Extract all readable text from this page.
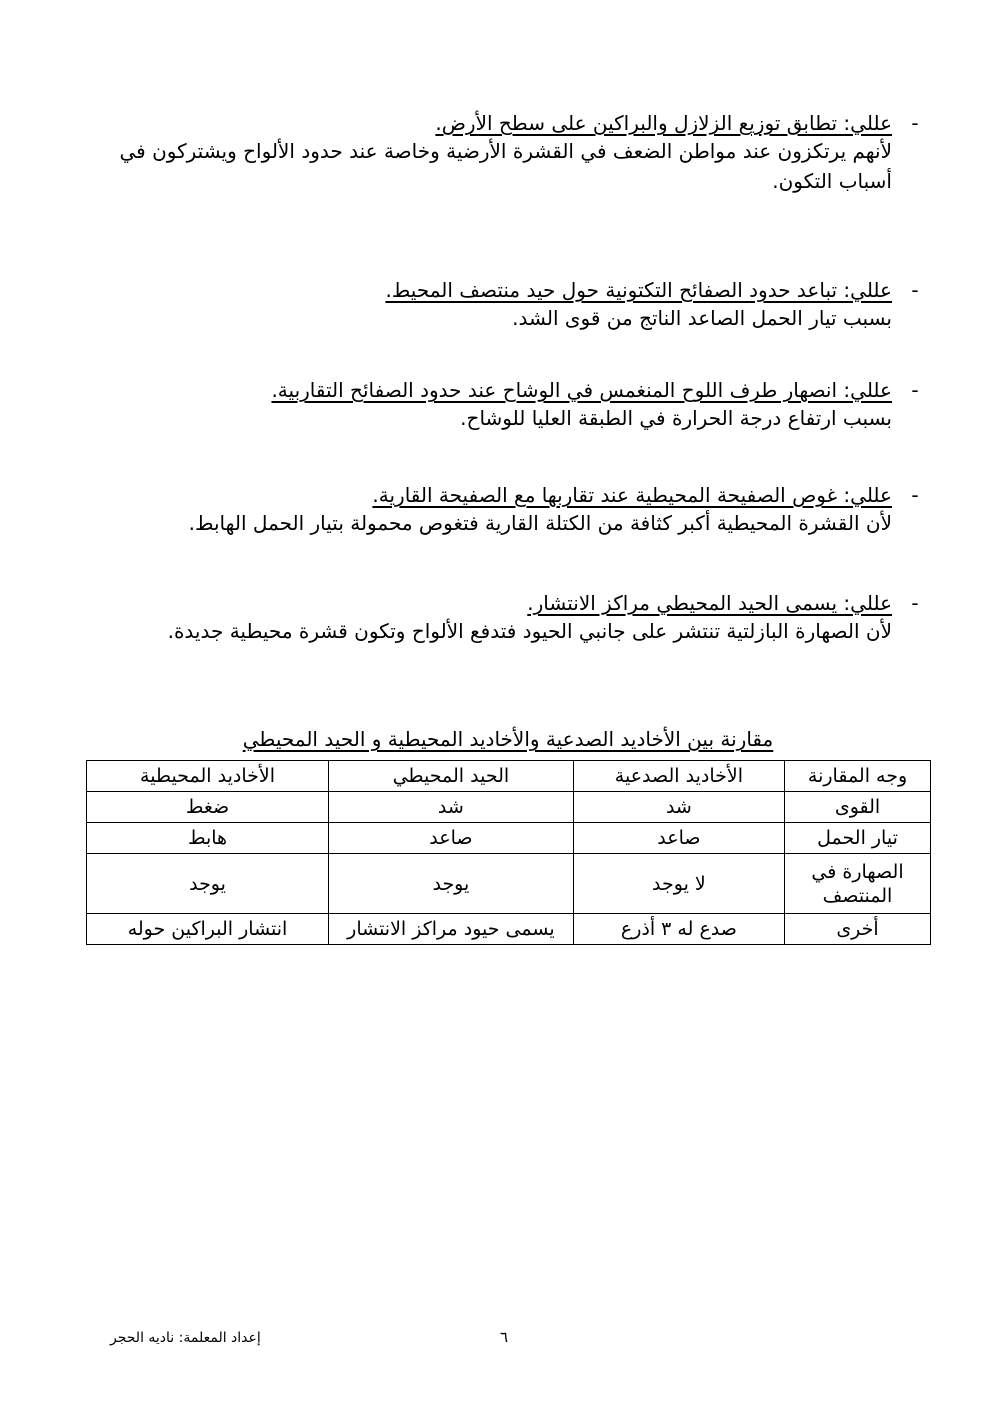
-
عللي: تطابق توزيع الزلازل والبراكين على سطح الأرض.
لأنهم يرتكزون عند مواطن الضعف في القشرة الأرضية وخاصة عند حدود الألواح ويشتركون في أسباب التكون.
-
عللي: تباعد حدود الصفائح التكتونية حول حيد منتصف المحيط.
بسبب تيار الحمل الصاعد الناتج من قوى الشد.
-
عللي: انصهار طرف اللوح المنغمس في الوشاح عند حدود الصفائح التقاربية.
بسبب ارتفاع درجة الحرارة في الطبقة العليا للوشاح.
-
عللي: غوص الصفيحة المحيطية عند تقاربها مع الصفيحة القارية.
لأن القشرة المحيطية أكبر كثافة من الكتلة القارية فتغوص محمولة بتيار الحمل الهابط.
-
عللي: يسمى الحيد المحيطي مراكز الانتشار.
لأن الصهارة البازلتية تنتشر على جانبي الحيود فتدفع الألواح وتكون قشرة محيطية جديدة.
مقارنة بين الأخاديد الصدعية والأخاديد المحيطية و الحيد المحيطي
وجه المقارنة	الأخاديد الصدعية	الحيد المحيطي	الأخاديد المحيطية
القوى	شد	شد	ضغط
تيار الحمل	صاعد	صاعد	هابط
الصهارة في المنتصف	لا يوجد	يوجد	يوجد
أخرى	صدع له ٣ أذرع	يسمى حيود مراكز الانتشار	انتشار البراكين حوله
إعداد المعلمة: ناديه الحجر	٦
